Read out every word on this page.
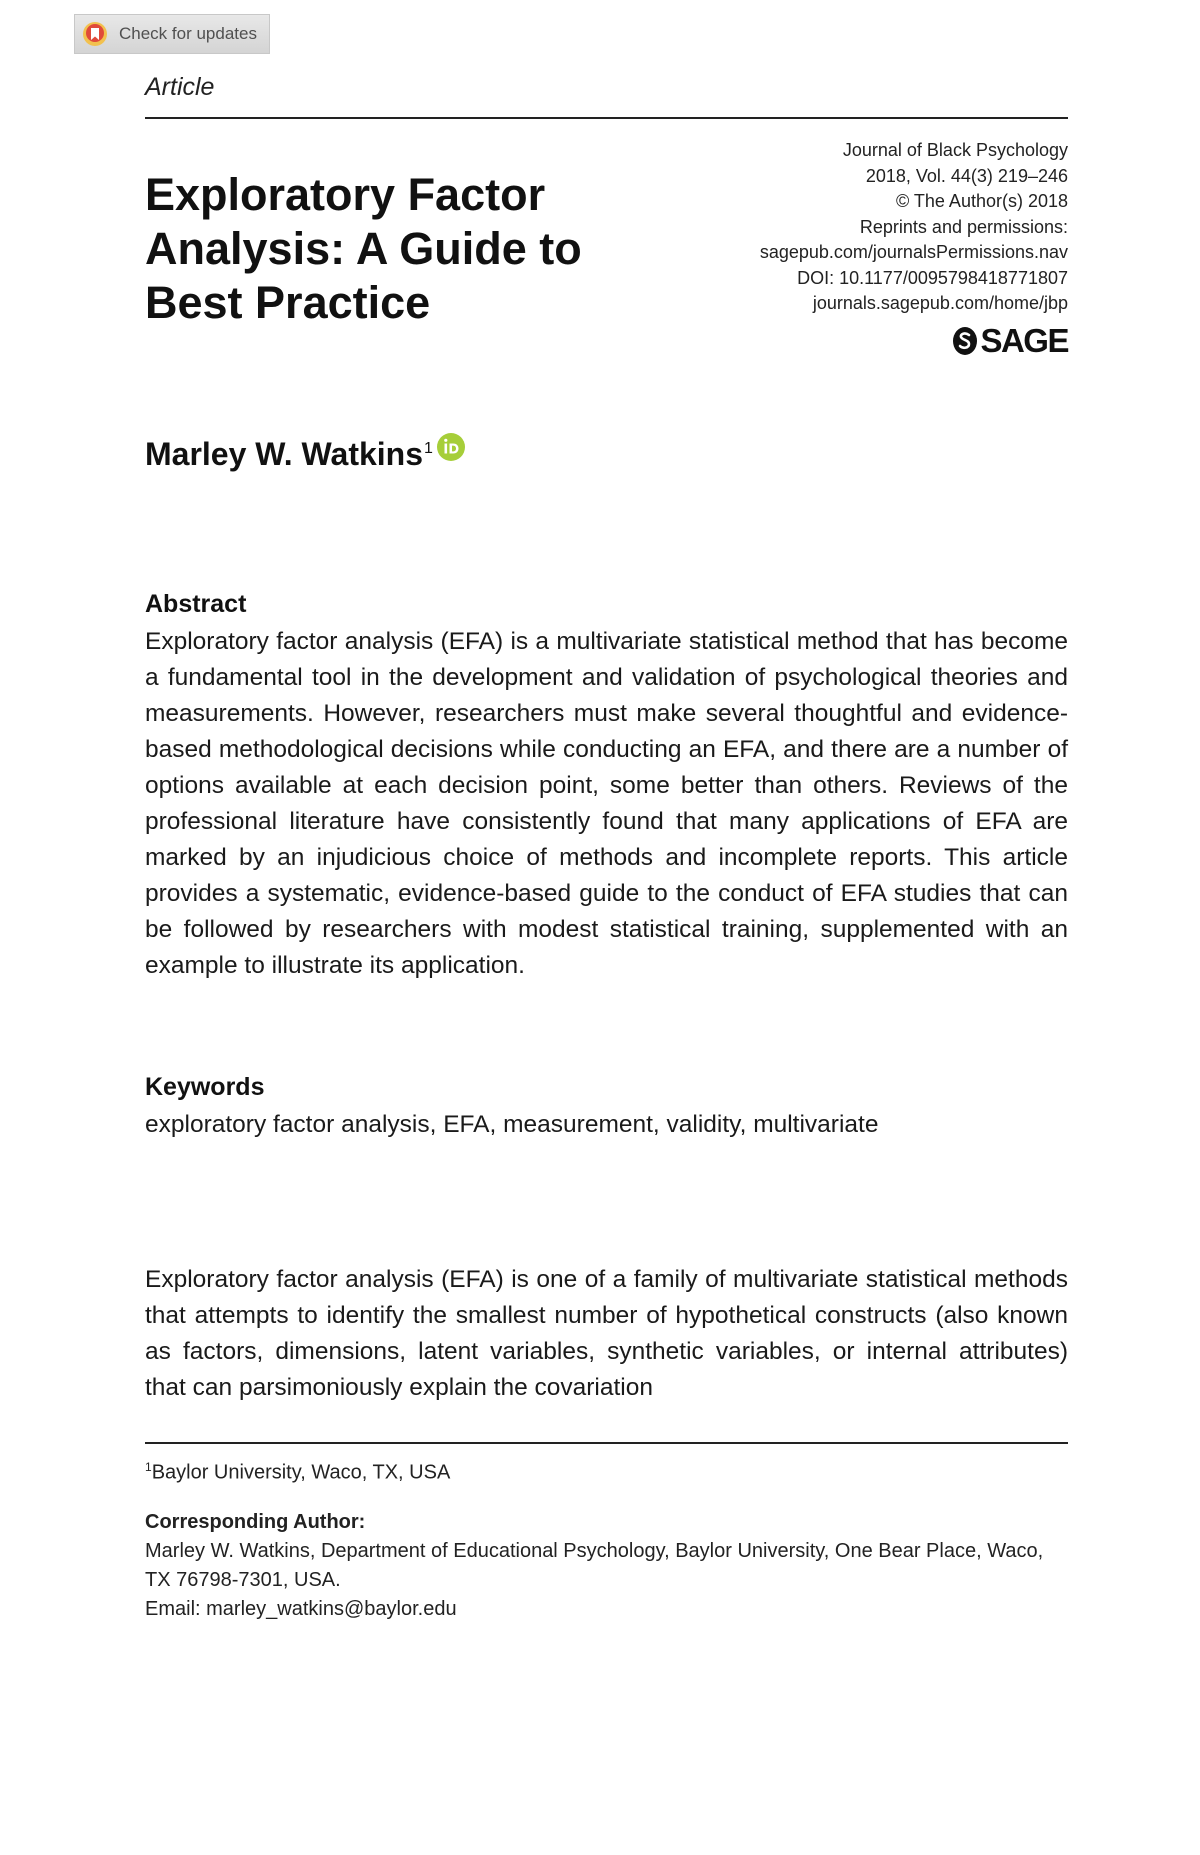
Check for updates
Article
Exploratory Factor Analysis: A Guide to Best Practice
Journal of Black Psychology
2018, Vol. 44(3) 219–246
© The Author(s) 2018
Reprints and permissions:
sagepub.com/journalsPermissions.nav
DOI: 10.1177/0095798418771807
journals.sagepub.com/home/jbp
SAGE
Marley W. Watkins 1
Abstract

Exploratory factor analysis (EFA) is a multivariate statistical method that has become a fundamental tool in the development and validation of psychological theories and measurements. However, researchers must make several thoughtful and evidence-based methodological decisions while conducting an EFA, and there are a number of options available at each decision point, some better than others. Reviews of the professional literature have consistently found that many applications of EFA are marked by an injudicious choice of methods and incomplete reports. This article provides a systematic, evidence-based guide to the conduct of EFA studies that can be followed by researchers with modest statistical training, supplemented with an example to illustrate its application.

Keywords
exploratory factor analysis, EFA, measurement, validity, multivariate

Exploratory factor analysis (EFA) is one of a family of multivariate statistical methods that attempts to identify the smallest number of hypothetical constructs (also known as factors, dimensions, latent variables, synthetic variables, or internal attributes) that can parsimoniously explain the covariation

$^1$Baylor University, Waco, TX, USA
Corresponding Author:
Marley W. Watkins, Department of Educational Psychology, Baylor University, One Bear Place, Waco, TX 76798-7301, USA.
Email: marley_watkins@baylor.edu
